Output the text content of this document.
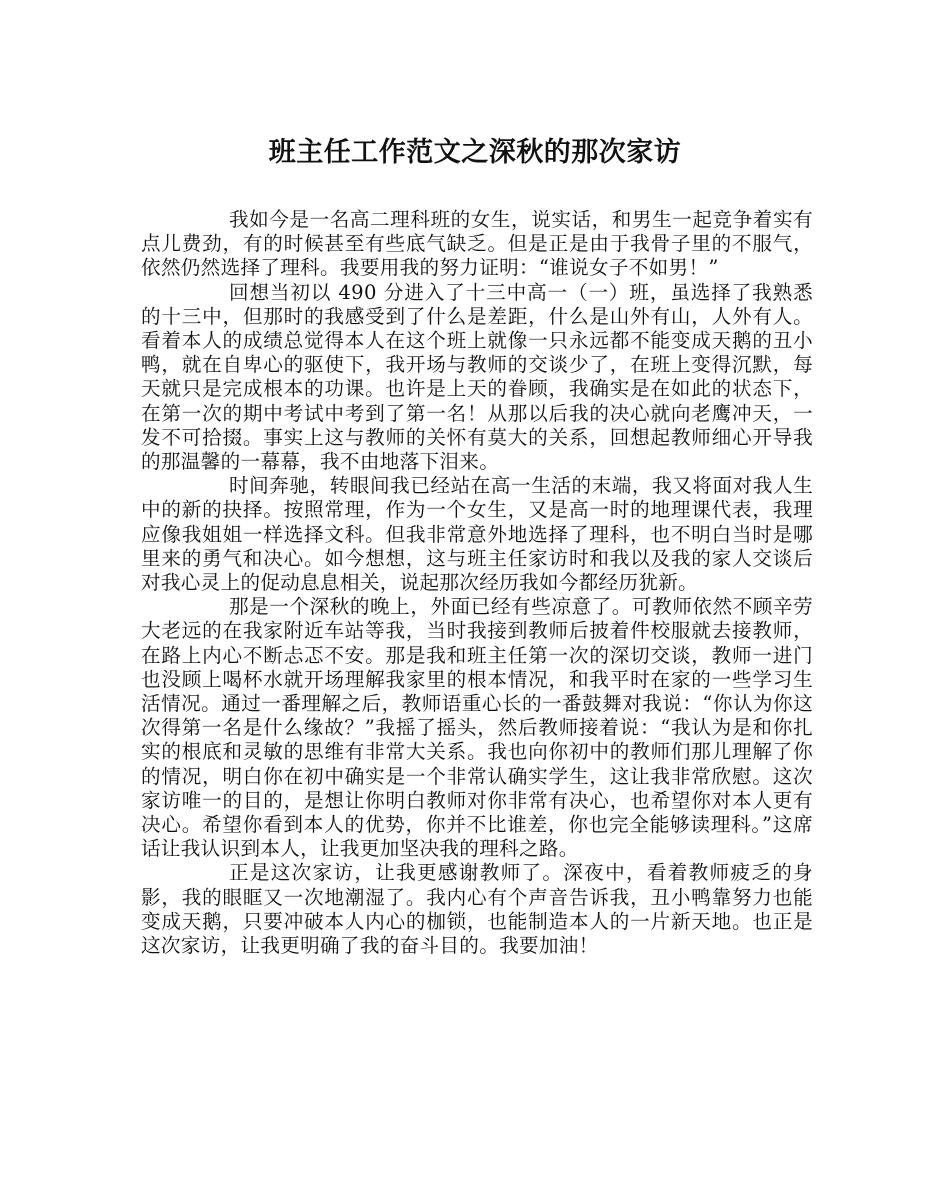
班主任工作范文之深秋的那次家访

我如今是一名高二理科班的女生，说实话，和男生一起竞争着实有点儿费劲，有的时候甚至有些底气缺乏。但是正是由于我骨子里的不服气，依然仍然选择了理科。我要用我的努力证明：“谁说女子不如男！”

回想当初以 490 分进入了十三中高一（一）班，虽选择了我熟悉的十三中，但那时的我感受到了什么是差距，什么是山外有山，人外有人。看着本人的成绩总觉得本人在这个班上就像一只永远都不能变成天鹅的丑小鸭，就在自卑心的驱使下，我开场与教师的交谈少了，在班上变得沉默，每天就只是完成根本的功课。也许是上天的眷顾，我确实是在如此的状态下，在第一次的期中考试中考到了第一名！从那以后我的决心就向老鹰冲天，一发不可拾掇。事实上这与教师的关怀有莫大的关系，回想起教师细心开导我的那温馨的一幕幕，我不由地落下泪来。

时间奔驰，转眼间我已经站在高一生活的末端，我又将面对我人生中的新的抉择。按照常理，作为一个女生，又是高一时的地理课代表，我理应像我姐姐一样选择文科。但我非常意外地选择了理科，也不明白当时是哪里来的勇气和决心。如今想想，这与班主任家访时和我以及我的家人交谈后对我心灵上的促动息息相关，说起那次经历我如今都经历犹新。

那是一个深秋的晚上，外面已经有些凉意了。可教师依然不顾辛劳大老远的在我家附近车站等我，当时我接到教师后披着件校服就去接教师，在路上内心不断忐忑不安。那是我和班主任第一次的深切交谈，教师一进门也没顾上喝杯水就开场理解我家里的根本情况，和我平时在家的一些学习生活情况。通过一番理解之后，教师语重心长的一番鼓舞对我说：“你认为你这次得第一名是什么缘故？”我摇了摇头，然后教师接着说：“我认为是和你扎实的根底和灵敏的思维有非常大关系。我也向你初中的教师们那儿理解了你的情况，明白你在初中确实是一个非常认确实学生，这让我非常欣慰。这次家访唯一的目的，是想让你明白教师对你非常有决心，也希望你对本人更有决心。希望你看到本人的优势，你并不比谁差，你也完全能够读理科。”这席话让我认识到本人，让我更加坚决我的理科之路。

正是这次家访，让我更感谢教师了。深夜中，看着教师疲乏的身影，我的眼眶又一次地潮湿了。我内心有个声音告诉我，丑小鸭靠努力也能变成天鹅，只要冲破本人内心的枷锁，也能制造本人的一片新天地。也正是这次家访，让我更明确了我的奋斗目的。我要加油！
